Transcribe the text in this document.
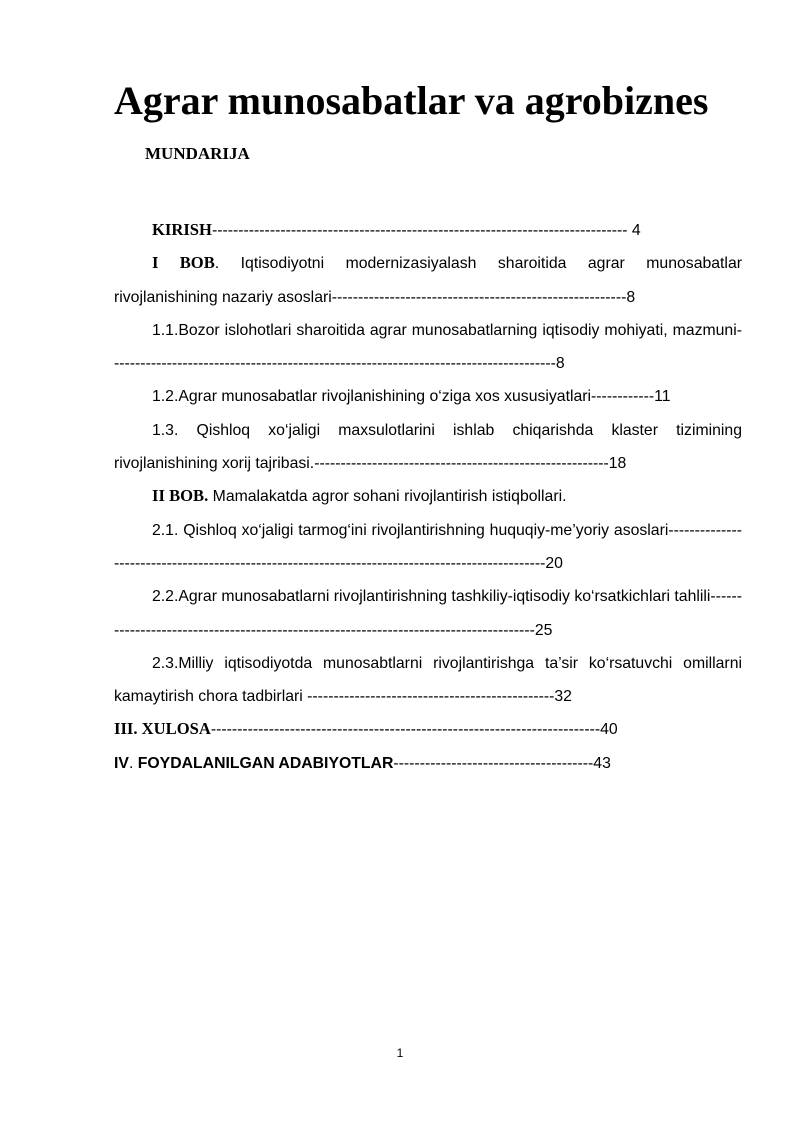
Agrar munosabatlar va agrobiznes
MUNDARIJA
KIRISH------------------------------------------------------------------------------- 4
I BOB. Iqtisodiyotni modernizasiyalash sharoitida agrar munosabatlar rivojlanishining nazariy asoslari--------------------------------------------------------8
1.1.Bozor islohotlari sharoitida agrar munosabatlarning iqtisodiy mohiyati, mazmuni-------------------------------------------------------------------------------------8
1.2.Agrar munosabatlar rivojlanishining o‘ziga xos xususiyatlari------------11
1.3. Qishloq xo‘jaligi maxsulotlarini ishlab chiqarishda klaster tizimining rivojlanishining xorij tajribasi.--------------------------------------------------------18
II BOB. Mamalakatda agror sohani rivojlantirish istiqbollari.
2.1. Qishloq xo‘jaligi tarmog‘ini rivojlantirishning huquqiy-me’yoriy asoslari------------------------------------------------------------------------------------------------20
2.2.Agrar munosabatlarni rivojlantirishning tashkiliy-iqtisodiy ko‘rsatkichlari tahlili--------------------------------------------------------------------------------------25
2.3.Milliy iqtisodiyotda munosabtlarni rivojlantirishga ta’sir ko‘rsatuvchi omillarni kamaytirish chora tadbirlari -----------------------------------------------32
III. XULOSA--------------------------------------------------------------------------40
IV. FOYDALANILGAN ADABIYOTLAR--------------------------------------43
1
